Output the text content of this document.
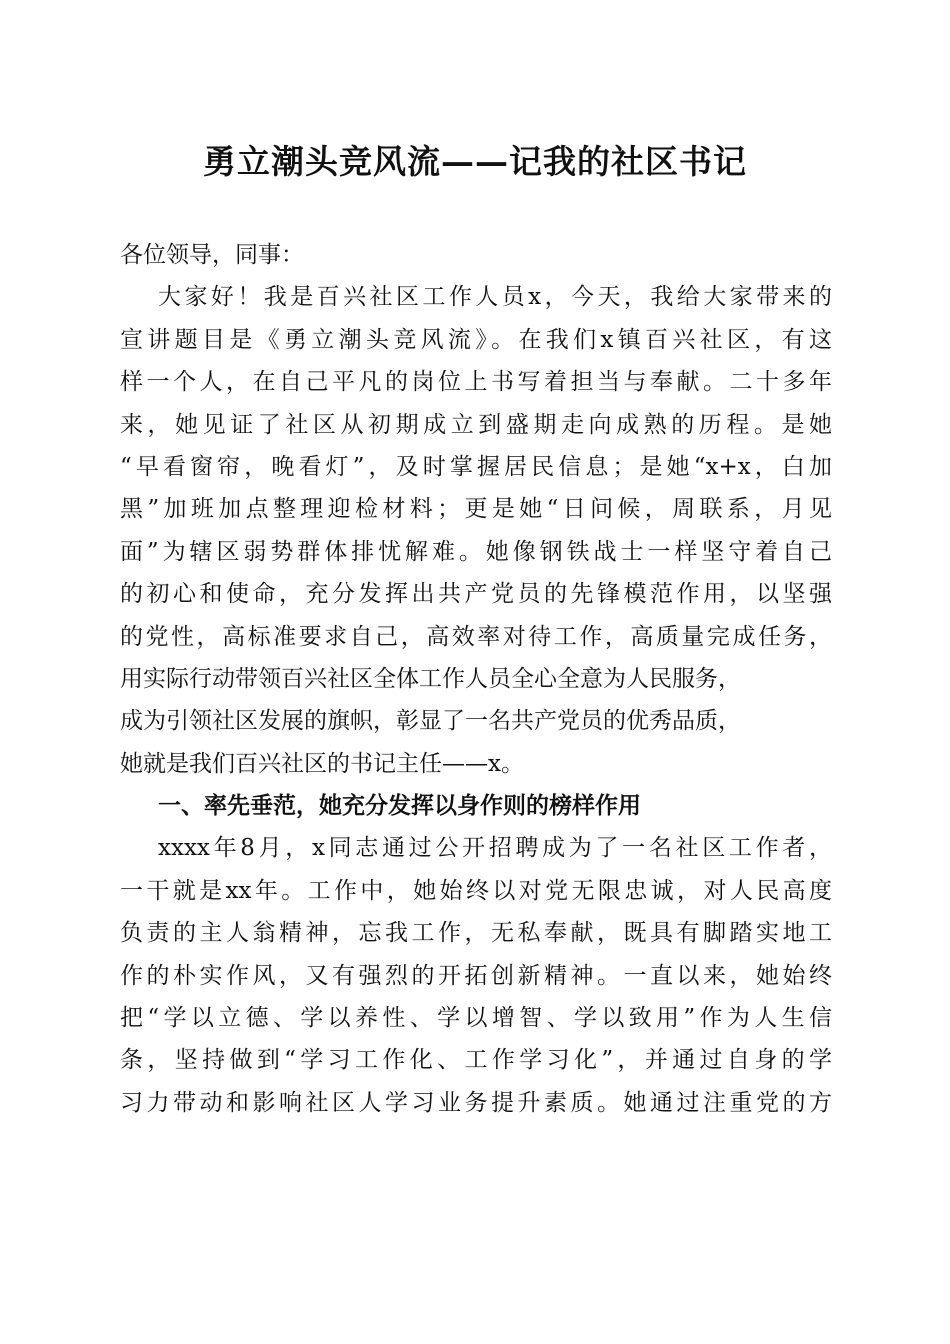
勇立潮头竞风流——记我的社区书记
各位领导，同事：
大家好！我是百兴社区工作人员x，今天，我给大家带来的
宣讲题目是《勇立潮头竞风流》。在我们x镇百兴社区，有这
样一个人，在自己平凡的岗位上书写着担当与奉献。二十多年
来，她见证了社区从初期成立到盛期走向成熟的历程。是她
“早看窗帘，晚看灯”，及时掌握居民信息；是她“x+x，白加
黑”加班加点整理迎检材料；更是她“日问候，周联系，月见
面”为辖区弱势群体排忧解难。她像钢铁战士一样坚守着自己
的初心和使命，充分发挥出共产党员的先锋模范作用，以坚强
的党性，高标准要求自己，高效率对待工作，高质量完成任务，
用实际行动带领百兴社区全体工作人员全心全意为人民服务，
成为引领社区发展的旗帜，彰显了一名共产党员的优秀品质，
她就是我们百兴社区的书记主任——x。
一、率先垂范，她充分发挥以身作则的榜样作用
xxxx年8月，x同志通过公开招聘成为了一名社区工作者，
一干就是xx年。工作中，她始终以对党无限忠诚，对人民高度
负责的主人翁精神，忘我工作，无私奉献，既具有脚踏实地工
作的朴实作风，又有强烈的开拓创新精神。一直以来，她始终
把“学以立德、学以养性、学以增智、学以致用”作为人生信
条，坚持做到“学习工作化、工作学习化”，并通过自身的学
习力带动和影响社区人学习业务提升素质。她通过注重党的方
